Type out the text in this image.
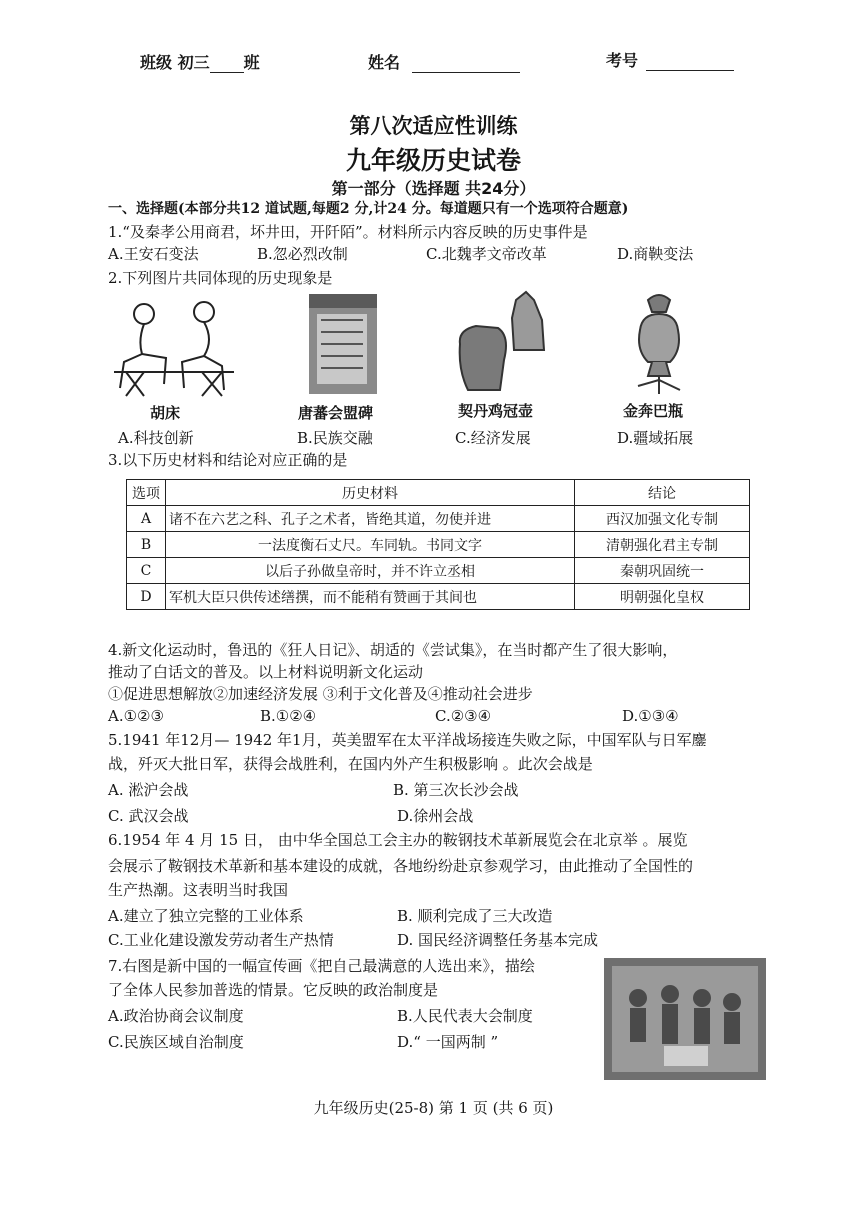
班级 初三 班	姓名	考号
第八次适应性训练
九年级历史试卷
第一部分（选择题 共24分）
一、选择题(本部分共12 道试题,每题2 分,计24 分。每道题只有一个选项符合题意)
1.“及秦孝公用商君，坏井田，开阡陌”。材料所示内容反映的历史事件是
A.王安石变法	B.忽必烈改制	C.北魏孝文帝改革	D.商鞅变法
2.下列图片共同体现的历史现象是
胡床	唐蕃会盟碑	契丹鸡冠壶	金奔巴瓶
A.科技创新	B.民族交融	C.经济发展	D.疆域拓展
3.以下历史材料和结论对应正确的是
选项	历史材料	结论
A	诸不在六艺之科、孔子之术者，皆绝其道，勿使并进	西汉加强文化专制
B	一法度衡石丈尺。车同轨。书同文字	清朝强化君主专制
C	以后子孙做皇帝时，并不许立丞相	秦朝巩固统一
D	军机大臣只供传述缮撰，而不能稍有赞画于其间也	明朝强化皇权
4.新文化运动时，鲁迅的《狂人日记》、胡适的《尝试集》，在当时都产生了很大影响，
推动了白话文的普及。以上材料说明新文化运动
①促进思想解放②加速经济发展 ③利于文化普及④推动社会进步
A.①②③	B.①②④	C.②③④	D.①③④
5.1941 年12月— 1942 年1月，英美盟军在太平洋战场接连失败之际，中国军队与日军鏖
战，歼灭大批日军，获得会战胜利，在国内外产生积极影响 。此次会战是
A. 淞沪会战	B. 第三次长沙会战
C. 武汉会战	D.徐州会战
6.1954 年 4 月 15 日， 由中华全国总工会主办的鞍钢技术革新展览会在北京举 。展览
会展示了鞍钢技术革新和基本建设的成就，各地纷纷赴京参观学习，由此推动了全国性的
生产热潮。这表明当时我国
A.建立了独立完整的工业体系	B. 顺利完成了三大改造
C.工业化建设激发劳动者生产热情	D. 国民经济调整任务基本完成
7.右图是新中国的一幅宣传画《把自己最满意的人选出来》，描绘
了全体人民参加普选的情景。它反映的政治制度是
A.政治协商会议制度	B.人民代表大会制度
C.民族区域自治制度	D.“ 一国两制 ”
九年级历史(25-8) 第 1 页 (共 6 页)
